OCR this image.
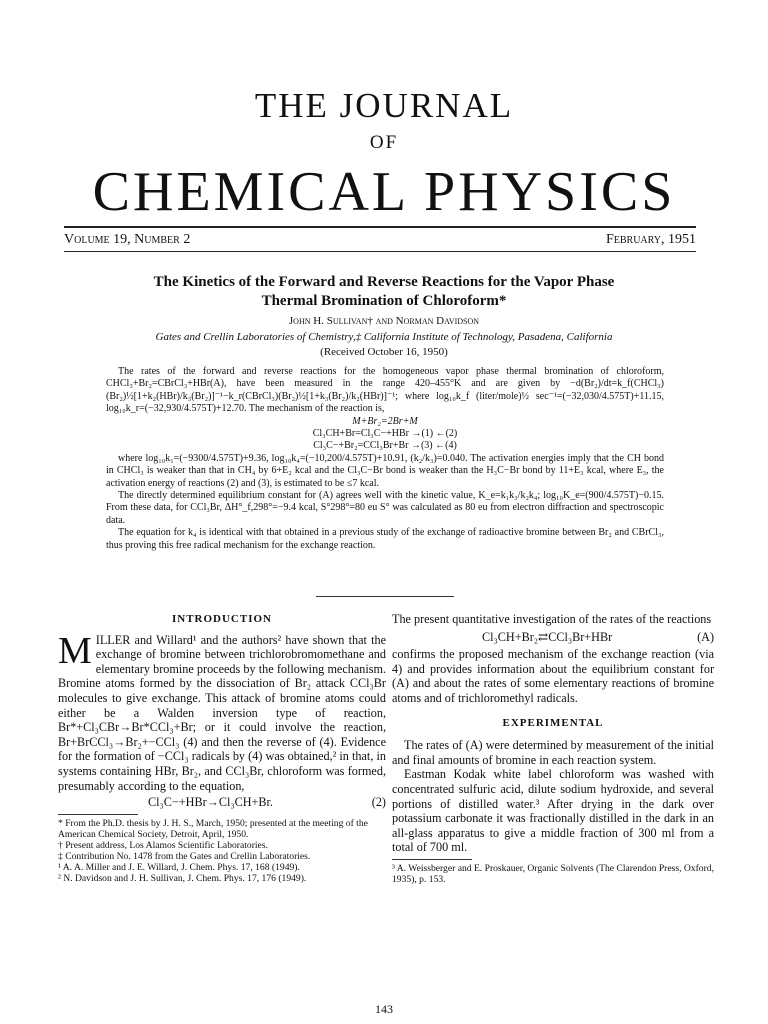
THE JOURNAL
OF
CHEMICAL PHYSICS
Volume 19, Number 2	February, 1951
The Kinetics of the Forward and Reverse Reactions for the Vapor Phase
Thermal Bromination of Chloroform*
John H. Sullivan† and Norman Davidson
Gates and Crellin Laboratories of Chemistry,‡ California Institute of Technology, Pasadena, California
(Received October 16, 1950)

The rates of the forward and reverse reactions for the homogeneous vapor phase thermal bromination of chloroform, CHCl₃+Br₂=CBrCl₃+HBr(A), have been measured in the range 420–455°K and are given by −d(Br₂)/dt=k_f(CHCl₃)(Br₂)½[1+k₂(HBr)/k₃(Br₂)]⁻¹−k_r(CBrCl₃)(Br₂)½[1+k₃(Br₂)/k₂(HBr)]⁻¹; where log₁₀k_f (liter/mole)½ sec⁻¹=(−32,030/4.575T)+11.15, log₁₀k_r=(−32,930/4.575T)+12.70. The mechanism of the reaction is,

M+Br₂=2Br+M
Cl₃CH+Br=Cl₃C−+HBr →(1) ←(2)
Cl₃C−+Br₂=CCl₃Br+Br →(3) ←(4)

where log₁₀k₁=(−9300/4.575T)+9.36, log₁₀k₄=(−10,200/4.575T)+10.91, (k₂/k₃)=0.040. The activation energies imply that the CH bond in CHCl₃ is weaker than that in CH₄ by 6+E₂ kcal and the Cl₃C−Br bond is weaker than the H₃C−Br bond by 11+E₃ kcal, where E₃, the activation energy of reactions (2) and (3), is estimated to be ≤7 kcal.

The directly determined equilibrium constant for (A) agrees well with the kinetic value, K_e=k₁k₃/k₂k₄; log₁₀K_e=(900/4.575T)−0.15. From these data, for CCl₃Br, ΔH°_f,298°=−9.4 kcal, S°298°=80 eu S° was calculated as 80 eu from electron diffraction and spectroscopic data.

The equation for k₄ is identical with that obtained in a previous study of the exchange of radioactive bromine between Br₂ and CBrCl₃, thus proving this free radical mechanism for the exchange reaction.

INTRODUCTION

M ILLER and Willard¹ and the authors² have shown that the exchange of bromine between trichlorobromomethane and elementary bromine proceeds by the following mechanism. Bromine atoms formed by the dissociation of Br₂ attack CCl₃Br molecules to give exchange. This attack of bromine atoms could either be a Walden inversion type of reaction, Br*+Cl₃CBr→Br*CCl₃+Br; or it could involve the reaction, Br+BrCCl₃→Br₂+−CCl₃ (4) and then the reverse of (4). Evidence for the formation of −CCl₃ radicals by (4) was obtained,² in that, in systems containing HBr, Br₂, and CCl₃Br, chloroform was formed, presumably according to the equation,

Cl₃C−+HBr→Cl₃CH+Br.	(2)
* From the Ph.D. thesis by J. H. S., March, 1950; presented at the meeting of the American Chemical Society, Detroit, April, 1950.
† Present address, Los Alamos Scientific Laboratories.
‡ Contribution No. 1478 from the Gates and Crellin Laboratories.
¹ A. A. Miller and J. E. Willard, J. Chem. Phys. 17, 168 (1949).
² N. Davidson and J. H. Sullivan, J. Chem. Phys. 17, 176 (1949).

The present quantitative investigation of the rates of the reactions

Cl₃CH+Br₂⇄CCl₃Br+HBr	(A)

confirms the proposed mechanism of the exchange reaction (via 4) and provides information about the equilibrium constant for (A) and about the rates of some elementary reactions of bromine atoms and of trichloromethyl radicals.

EXPERIMENTAL

The rates of (A) were determined by measurement of the initial and final amounts of bromine in each reaction system.

Eastman Kodak white label chloroform was washed with concentrated sulfuric acid, dilute sodium hydroxide, and several portions of distilled water.³ After drying in the dark over potassium carbonate it was fractionally distilled in the dark in an all-glass apparatus to give a middle fraction of 300 ml from a total of 700 ml.

³ A. Weissberger and E. Proskauer, Organic Solvents (The Clarendon Press, Oxford, 1935), p. 153.
143
